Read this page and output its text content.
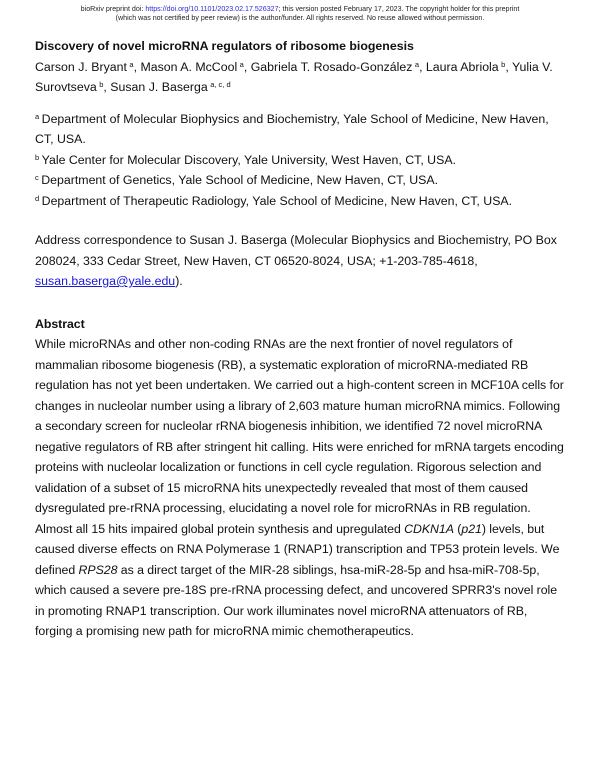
bioRxiv preprint doi: https://doi.org/10.1101/2023.02.17.526327; this version posted February 17, 2023. The copyright holder for this preprint
(which was not certified by peer review) is the author/funder. All rights reserved. No reuse allowed without permission.

Discovery of novel microRNA regulators of ribosome biogenesis

Carson J. Bryant  $^a$, Mason A. McCool  $^a$, Gabriela T. Rosado-González  $^a$, Laura Abriola  $^b$, Yulia V. Surovtseva  $^b$, Susan J. Baserga  $^{a, c, d}$

$^a$  Department of Molecular Biophysics and Biochemistry, Yale School of Medicine, New Haven, CT, USA.

$^b$  Yale Center for Molecular Discovery, Yale University, West Haven, CT, USA.

$^c$  Department of Genetics, Yale School of Medicine, New Haven, CT, USA.

$^d$  Department of Therapeutic Radiology, Yale School of Medicine, New Haven, CT, USA.

Address correspondence to Susan J. Baserga (Molecular Biophysics and Biochemistry, PO Box 208024, 333 Cedar Street, New Haven, CT 06520-8024, USA; +1-203-785-4618, susan.baserga@yale.edu).

Abstract

While microRNAs and other non-coding RNAs are the next frontier of novel regulators of mammalian ribosome biogenesis (RB), a systematic exploration of microRNA-mediated RB regulation has not yet been undertaken. We carried out a high-content screen in MCF10A cells for changes in nucleolar number using a library of 2,603 mature human microRNA mimics. Following a secondary screen for nucleolar rRNA biogenesis inhibition, we identified 72 novel microRNA negative regulators of RB after stringent hit calling. Hits were enriched for mRNA targets encoding proteins with nucleolar localization or functions in cell cycle regulation. Rigorous selection and validation of a subset of 15 microRNA hits unexpectedly revealed that most of them caused dysregulated pre-rRNA processing, elucidating a novel role for microRNAs in RB regulation. Almost all 15 hits impaired global protein synthesis and upregulated CDKN1A (p21) levels, but caused diverse effects on RNA Polymerase 1 (RNAP1) transcription and TP53 protein levels. We defined RPS28 as a direct target of the MIR-28 siblings, hsa-miR-28-5p and hsa-miR-708-5p, which caused a severe pre-18S pre-rRNA processing defect, and uncovered SPRR3's novel role in promoting RNAP1 transcription. Our work illuminates novel microRNA attenuators of RB, forging a promising new path for microRNA mimic chemotherapeutics.
